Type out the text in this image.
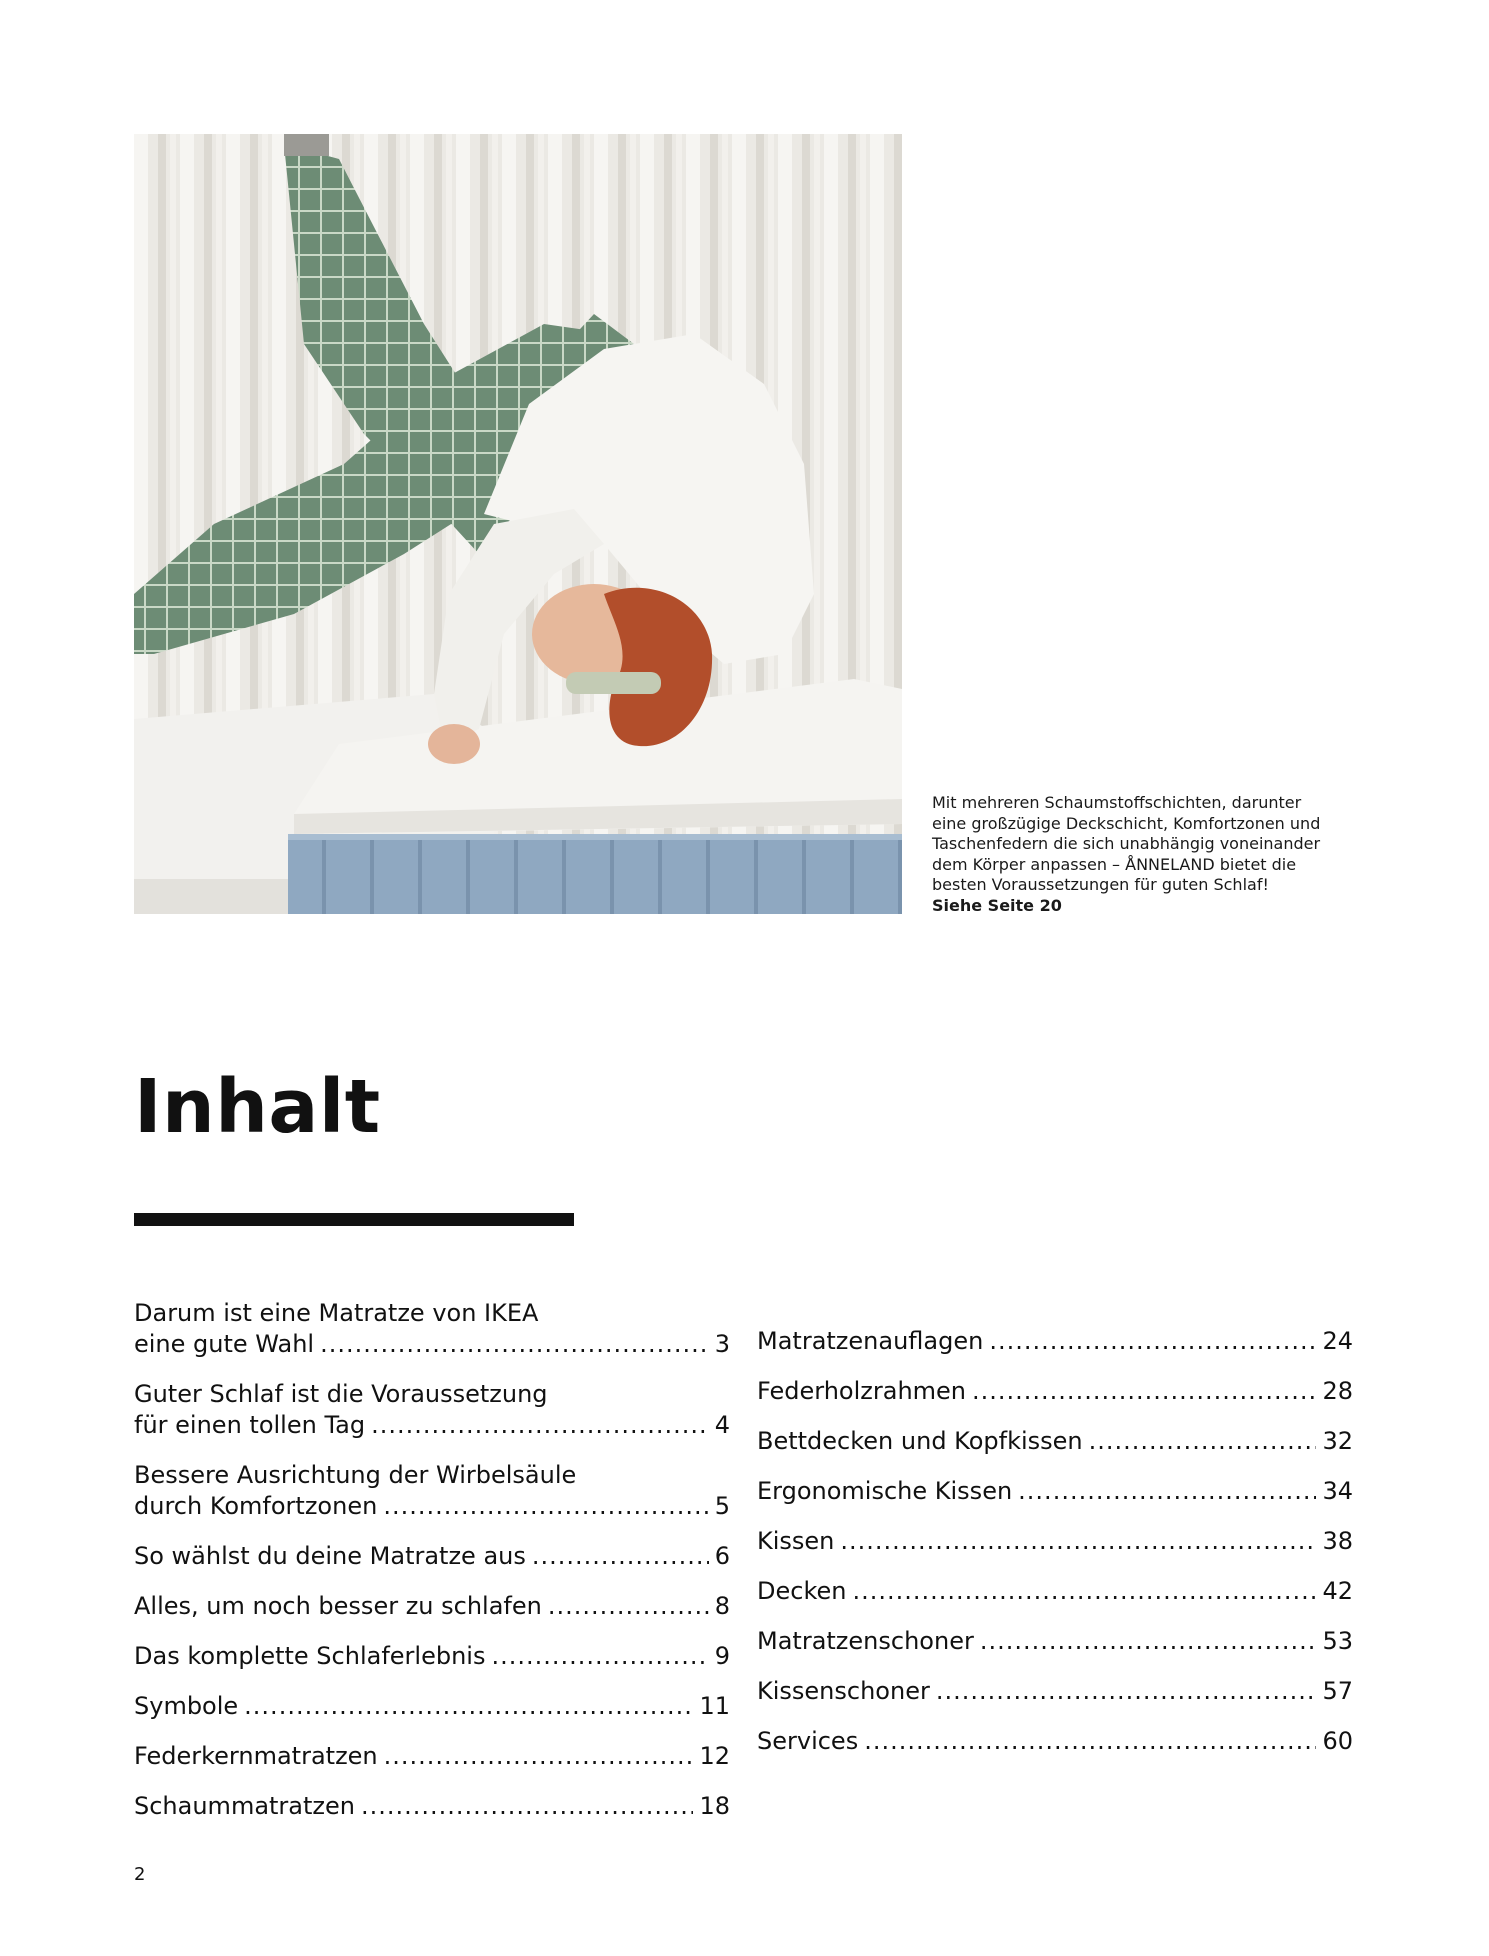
Mit mehreren Schaumstoffschichten, darunter
eine großzügige Deckschicht, Komfortzonen und
Taschenfedern die sich unabhängig voneinander
dem Körper anpassen – ÅNNELAND bietet die
besten Voraussetzungen für guten Schlaf!
Siehe Seite 20
Inhalt
Darum ist eine Matratze von IKEA
eine gute Wahl .....	3
Guter Schlaf ist die Voraussetzung
für einen tollen Tag .....	4
Bessere Ausrichtung der Wirbelsäule
durch Komfortzonen .....	5
So wählst du deine Matratze aus .....	6
Alles, um noch besser zu schlafen .....	8
Das komplette Schlaferlebnis .....	9
Symbole .....	11
Federkernmatratzen .....	12
Schaummatratzen .....	18
Matratzenauflagen .....	24
Federholzrahmen .....	28
Bettdecken und Kopfkissen .....	32
Ergonomische Kissen .....	34
Kissen .....	38
Decken .....	42
Matratzenschoner .....	53
Kissenschoner .....	57
Services .....	60
2
